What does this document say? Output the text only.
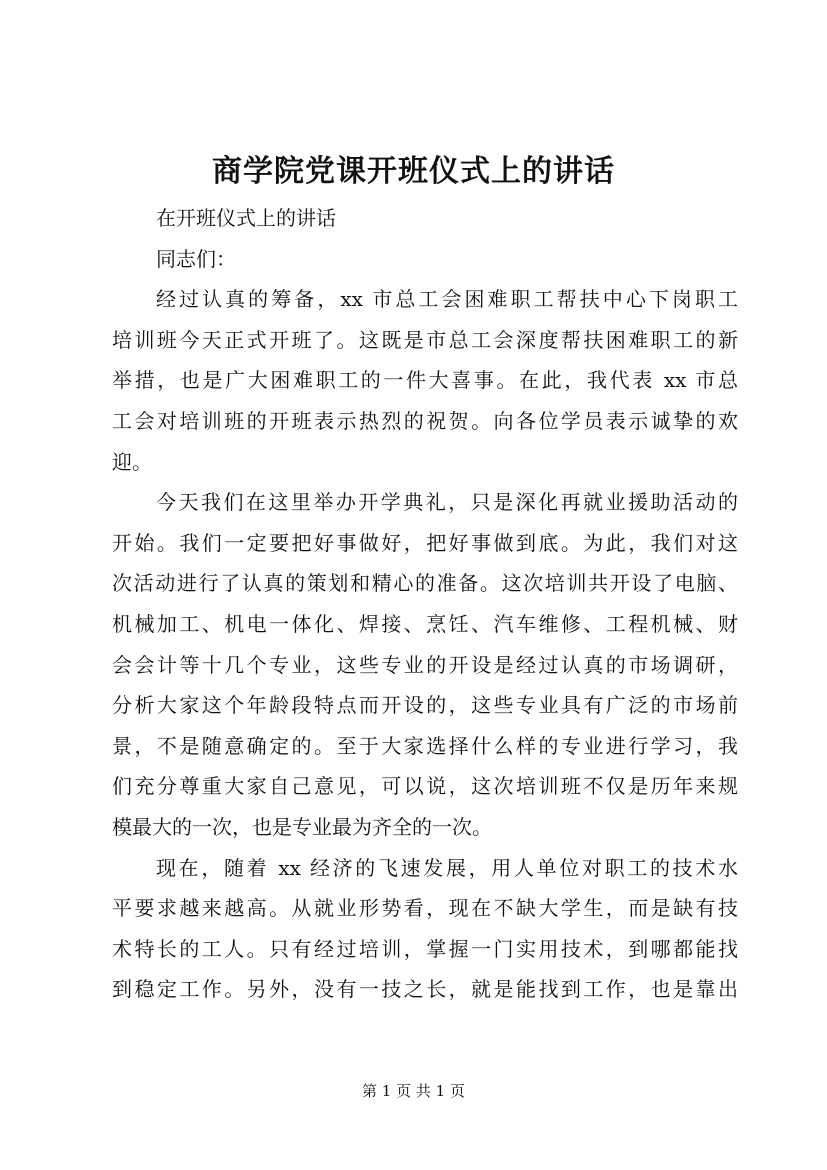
商学院党课开班仪式上的讲话
在开班仪式上的讲话
同志们：
经过认真的筹备，xx 市总工会困难职工帮扶中心下岗职工
培训班今天正式开班了。这既是市总工会深度帮扶困难职工的新
举措，也是广大困难职工的一件大喜事。在此，我代表 xx 市总
工会对培训班的开班表示热烈的祝贺。向各位学员表示诚挚的欢
迎。
今天我们在这里举办开学典礼，只是深化再就业援助活动的
开始。我们一定要把好事做好，把好事做到底。为此，我们对这
次活动进行了认真的策划和精心的准备。这次培训共开设了电脑、
机械加工、机电一体化、焊接、烹饪、汽车维修、工程机械、财
会会计等十几个专业，这些专业的开设是经过认真的市场调研，
分析大家这个年龄段特点而开设的，这些专业具有广泛的市场前
景，不是随意确定的。至于大家选择什么样的专业进行学习，我
们充分尊重大家自己意见，可以说，这次培训班不仅是历年来规
模最大的一次，也是专业最为齐全的一次。
现在，随着 xx 经济的飞速发展，用人单位对职工的技术水
平要求越来越高。从就业形势看，现在不缺大学生，而是缺有技
术特长的工人。只有经过培训，掌握一门实用技术，到哪都能找
到稳定工作。另外，没有一技之长，就是能找到工作，也是靠出
第 1 页 共 1 页
